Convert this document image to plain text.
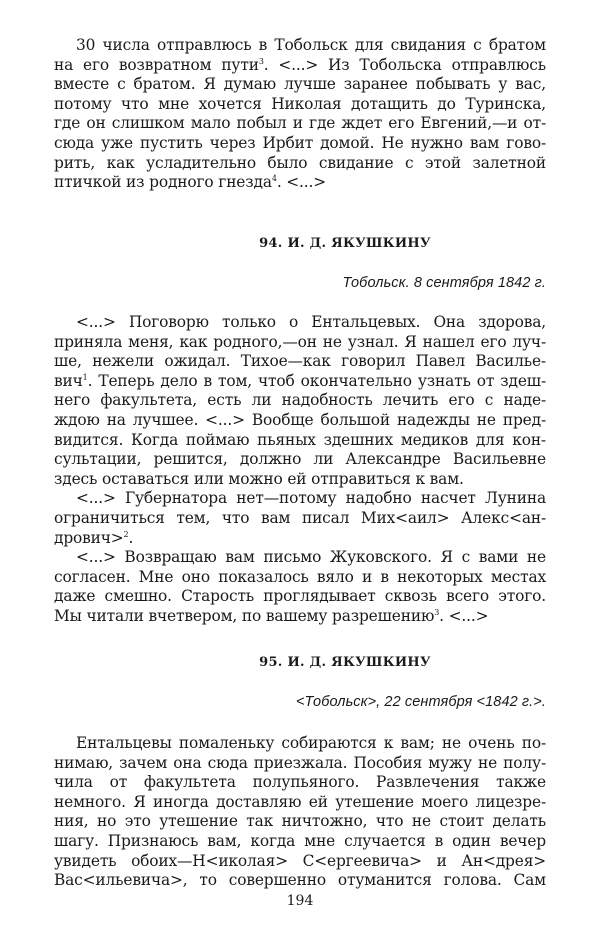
30 числа отправлюсь в Тобольск для свидания с братом
на его возвратном пути$^3$. <...> Из Тобольска отправлюсь
вместе с братом. Я думаю лучше заранее побывать у вас,
потому что мне хочется Николая дотащить до Туринска,
где он слишком мало побыл и где ждет его Евгений,—и от-
сюда уже пустить через Ирбит домой. Не нужно вам гово-
рить, как усладительно было свидание с этой залетной
птичкой из родного гнезда$^4$. <...>
94. И. Д. ЯКУШКИНУ
Тобольск. 8 сентября 1842 г.
<...> Поговорю только о Ентальцевых. Она здорова,
приняла меня, как родного,—он не узнал. Я нашел его луч-
ше, нежели ожидал. Тихое—как говорил Павел Василье-
вич$^1$. Теперь дело в том, чтоб окончательно узнать от здеш-
него факультета, есть ли надобность лечить его с наде-
ждою на лучшее. <...> Вообще большой надежды не пред-
видится. Когда поймаю пьяных здешних медиков для кон-
сультации, решится, должно ли Александре Васильевне
здесь оставаться или можно ей отправиться к вам.
<...> Губернатора нет—потому надобно насчет Лунина
ограничиться тем, что вам писал Мих<аил> Алекс<ан-
дрович>$^2$.
<...> Возвращаю вам письмо Жуковского. Я с вами не
согласен. Мне оно показалось вяло и в некоторых местах
даже смешно. Старость проглядывает сквозь всего этого.
Мы читали вчетвером, по вашему разрешению$^3$. <...>
95. И. Д. ЯКУШКИНУ
<Тобольск>, 22 сентября <1842 г.>.
Ентальцевы помаленьку собираются к вам; не очень по-
нимаю, зачем она сюда приезжала. Пособия мужу не полу-
чила от факультета полупьяного. Развлечения также
немного. Я иногда доставляю ей утешение моего лицезре-
ния, но это утешение так ничтожно, что не стоит делать
шагу. Признаюсь вам, когда мне случается в один вечер
увидеть обоих—Н<иколая> С<ергеевича> и Ан<дрея>
Вас<ильевича>, то совершенно отуманится голова. Сам
194
